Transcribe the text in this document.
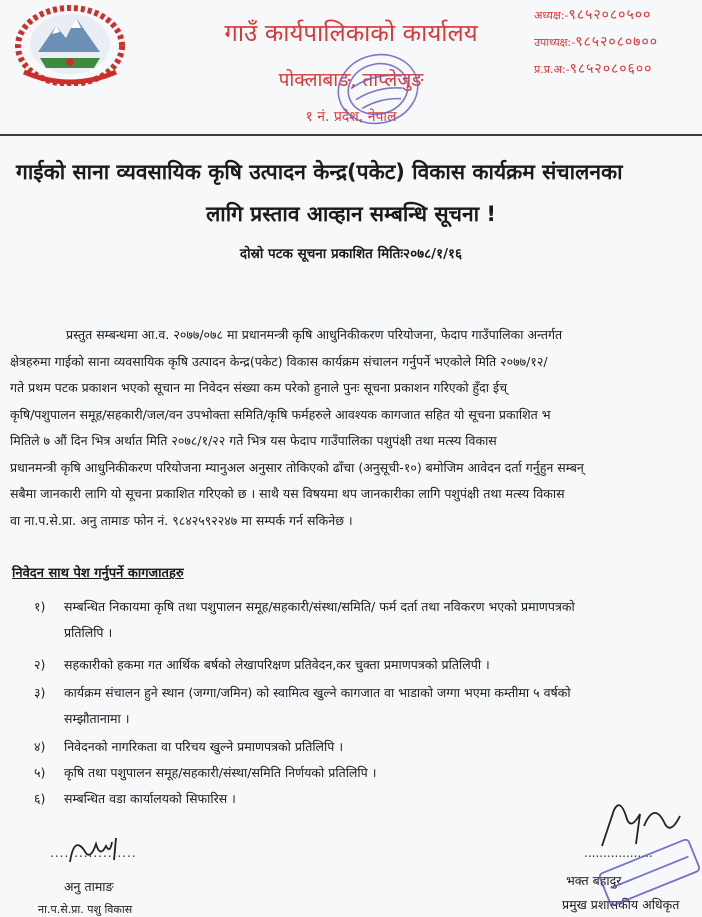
गाउँ कार्यपालिकाको कार्यालय
पोक्लाबाङ, ताप्लेजुङ
१ नं. प्रदेश, नेपाल
अध्यक्ष:-९८५२०८०५००
उपाध्यक्ष:-९८५२०८०७००
प्र.प्र.अ:-९८५२०८०६००
गाईको साना व्यवसायिक कृषि उत्पादन केन्द्र(पकेट) विकास कार्यक्रम संचालनका
लागि प्रस्ताव आव्हान सम्बन्धि सूचना !
दोस्रो पटक सूचना प्रकाशित मितिः२०७८/१/१६
प्रस्तुत सम्बन्धमा आ.व. २०७७/०७८ मा प्रधानमन्त्री कृषि आधुनिकीकरण परियोजना, फेदाप गाउँपालिका अन्तर्गत
क्षेत्रहरुमा गाईको साना व्यवसायिक कृषि उत्पादन केन्द्र(पकेट) विकास कार्यक्रम संचालन गर्नुपर्ने भएकोले मिति २०७७/१२/
गते प्रथम पटक प्रकाशन भएको सूचान मा निवेदन संख्या कम परेको हुनाले पुनः सूचना प्रकाशन गरिएको हुँदा ईच्
कृषि/पशुपालन समूह/सहकारी/जल/वन उपभोक्ता समिति/कृषि फर्महरुले आवश्यक कागजात सहित यो सूचना प्रकाशित भ
मितिले ७ औं दिन भित्र अर्थात मिति २०७८/१/२२ गते भित्र यस फेदाप गाउँपालिका पशुपंक्षी तथा मत्स्य विकास
प्रधानमन्त्री कृषि आधुनिकीकरण परियोजना म्यानुअल अनुसार तोकिएको ढाँचा (अनुसूची-१०) बमोजिम आवेदन दर्ता गर्नुहुन सम्बन्
सबैमा जानकारी लागि यो सूचना प्रकाशित गरिएको छ । साथै यस विषयमा थप जानकारीका लागि पशुपंक्षी तथा मत्स्य विकास
वा ना.प.से.प्रा. अनु तामाङ फोन नं. ९८४२५९२२४७ मा सम्पर्क गर्न सकिनेछ ।
निवेदन साथ पेश गर्नुपर्ने कागजातहरु
१) सम्बन्धित निकायमा कृषि तथा पशुपालन समूह/सहकारी/संस्था/समिति/ फर्म दर्ता तथा नविकरण भएको प्रमाणपत्रको
प्रतिलिपि ।
२) सहकारीको हकमा गत आर्थिक बर्षको लेखापरिक्षण प्रतिवेदन,कर चुक्ता प्रमाणपत्रको प्रतिलिपी ।
३) कार्यक्रम संचालन हुने स्थान (जग्गा/जमिन) को स्वामित्व खुल्ने कागजात वा भाडाको जग्गा भएमा कम्तीमा ५ वर्षको
सम्झौतानामा ।
४) निवेदनको नागरिकता वा परिचय खुल्ने प्रमाणपत्रको प्रतिलिपि ।
५) कृषि तथा पशुपालन समूह/सहकारी/संस्था/समिति निर्णयको प्रतिलिपि ।
६) सम्बन्धित वडा कार्यालयको सिफारिस ।
..................
अनु तामाङ
ना.प.से.प्रा. पशु विकास
..................
भक्त बहादुर
प्रमुख प्रशासकीय अधिकृत
